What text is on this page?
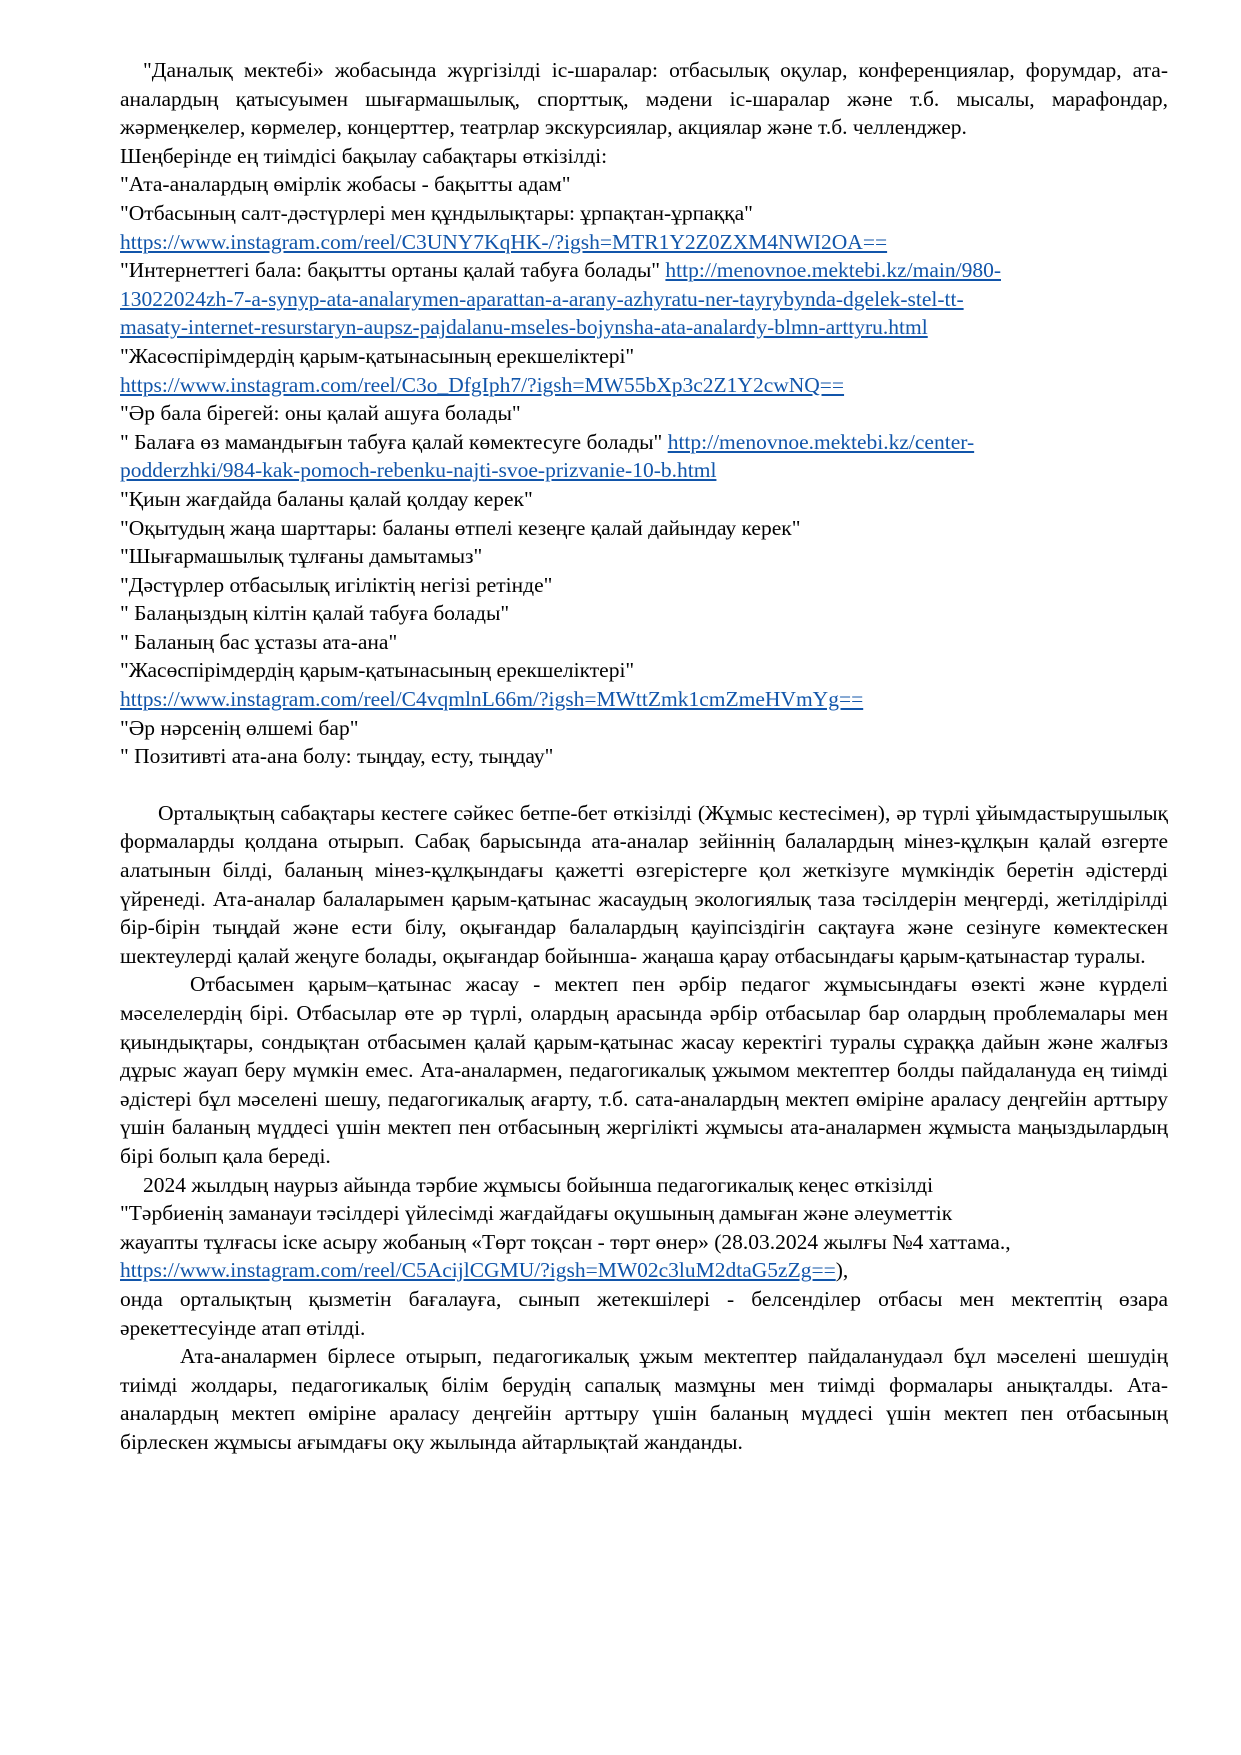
"Даналық мектебі» жобасында жүргізілді іс-шаралар: отбасылық оқулар, конференциялар, форумдар, ата-аналардың қатысуымен шығармашылық, спорттық, мәдени іс-шаралар және т.б. мысалы, марафондар, жәрмеңкелер, көрмелер, концерттер, театрлар экскурсиялар, акциялар және т.б. челленджер.

Шеңберінде ең тиімдісі бақылау сабақтары өткізілді:

"Ата-аналардың өмірлік жобасы - бақытты адам"

"Отбасының салт-дәстүрлері мен құндылықтары: ұрпақтан-ұрпаққа"

https://www.instagram.com/reel/C3UNY7KqHK-/?igsh=MTR1Y2Z0ZXM4NWI2OA==

"Интернеттегі бала: бақытты ортаны қалай табуға болады" http://menovnoe.mektebi.kz/main/980-
13022024zh-7-a-synyp-ata-analarymen-aparattan-a-arany-azhyratu-ner-tayrybynda-dgelek-stel-tt-
masaty-internet-resurstaryn-aupsz-pajdalanu-mseles-bojynsha-ata-analardy-blmn-arttyru.html

"Жасөспірімдердің қарым-қатынасының ерекшеліктері"

https://www.instagram.com/reel/C3o_DfgIph7/?igsh=MW55bXp3c2Z1Y2cwNQ==

"Әр бала бірегей: оны қалай ашуға болады"

" Балаға өз мамандығын табуға қалай көмектесуге болады" http://menovnoe.mektebi.kz/center-
podderzhki/984-kak-pomoch-rebenku-najti-svoe-prizvanie-10-b.html

"Қиын жағдайда баланы қалай қолдау керек"

"Оқытудың жаңа шарттары: баланы өтпелі кезеңге қалай дайындау керек"

"Шығармашылық тұлғаны дамытамыз"

"Дәстүрлер отбасылық игіліктің негізі ретінде"

" Балаңыздың кілтін қалай табуға болады"

" Баланың бас ұстазы ата-ана"

"Жасөспірімдердің қарым-қатынасының ерекшеліктері"

https://www.instagram.com/reel/C4vqmlnL66m/?igsh=MWttZmk1cmZmeHVmYg==

"Әр нәрсенің өлшемі бар"

" Позитивті ата-ана болу: тыңдау, есту, тыңдау"

Орталықтың сабақтары кестеге сәйкес бетпе-бет өткізілді (Жұмыс кестесімен), әр түрлі ұйымдастырушылық формаларды қолдана отырып. Сабақ барысында ата-аналар зейіннің балалардың мінез-құлқын қалай өзгерте алатынын білді, баланың мінез-құлқындағы қажетті өзгерістерге қол жеткізуге мүмкіндік беретін әдістерді үйренеді. Ата-аналар балаларымен қарым-қатынас жасаудың экологиялық таза тәсілдерін меңгерді, жетілдірілді бір-бірін тыңдай және ести білу, оқығандар балалардың қауіпсіздігін сақтауға және сезінуге көмектескен шектеулерді қалай жеңуге болады, оқығандар бойынша- жаңаша қарау отбасындағы қарым-қатынастар туралы.

Отбасымен қарым–қатынас жасау - мектеп пен әрбір педагог жұмысындағы өзекті және күрделі мәселелердің бірі. Отбасылар өте әр түрлі, олардың арасында әрбір отбасылар бар олардың проблемалары мен қиындықтары, сондықтан отбасымен қалай қарым-қатынас жасау керектігі туралы сұраққа дайын және жалғыз дұрыс жауап беру мүмкін емес. Ата-аналармен, педагогикалық ұжымом мектептер болды пайдалануда ең тиімді әдістері бұл мәселені шешу, педагогикалық ағарту, т.б. сата-аналардың мектеп өміріне араласу деңгейін арттыру үшін баланың мүддесі үшін мектеп пен отбасының жергілікті жұмысы ата-аналармен жұмыста маңыздылардың бірі болып қала береді.

2024 жылдың наурыз айында тәрбие жұмысы бойынша педагогикалық кеңес өткізілді

"Тәрбиенің заманауи тәсілдері үйлесімді жағдайдағы оқушының дамыған және әлеуметтік

жауапты тұлғасы іске асыру жобаның «Төрт тоқсан - төрт өнер» (28.03.2024 жылғы №4 хаттама.,

https://www.instagram.com/reel/C5AcijlCGMU/?igsh=MW02c3luM2dtaG5zZg==),

онда орталықтың қызметін бағалауға, сынып жетекшілері - белсенділер отбасы мен мектептің өзара әрекеттесуінде атап өтілді.

Ата-аналармен бірлесе отырып, педагогикалық ұжым мектептер пайдаланудаәл бұл мәселені шешудің тиімді жолдары, педагогикалық білім берудің сапалық мазмұны мен тиімді формалары анықталды. Ата-аналардың мектеп өміріне араласу деңгейін арттыру үшін баланың мүддесі үшін мектеп пен отбасының бірлескен жұмысы ағымдағы оқу жылында айтарлықтай жанданды.
